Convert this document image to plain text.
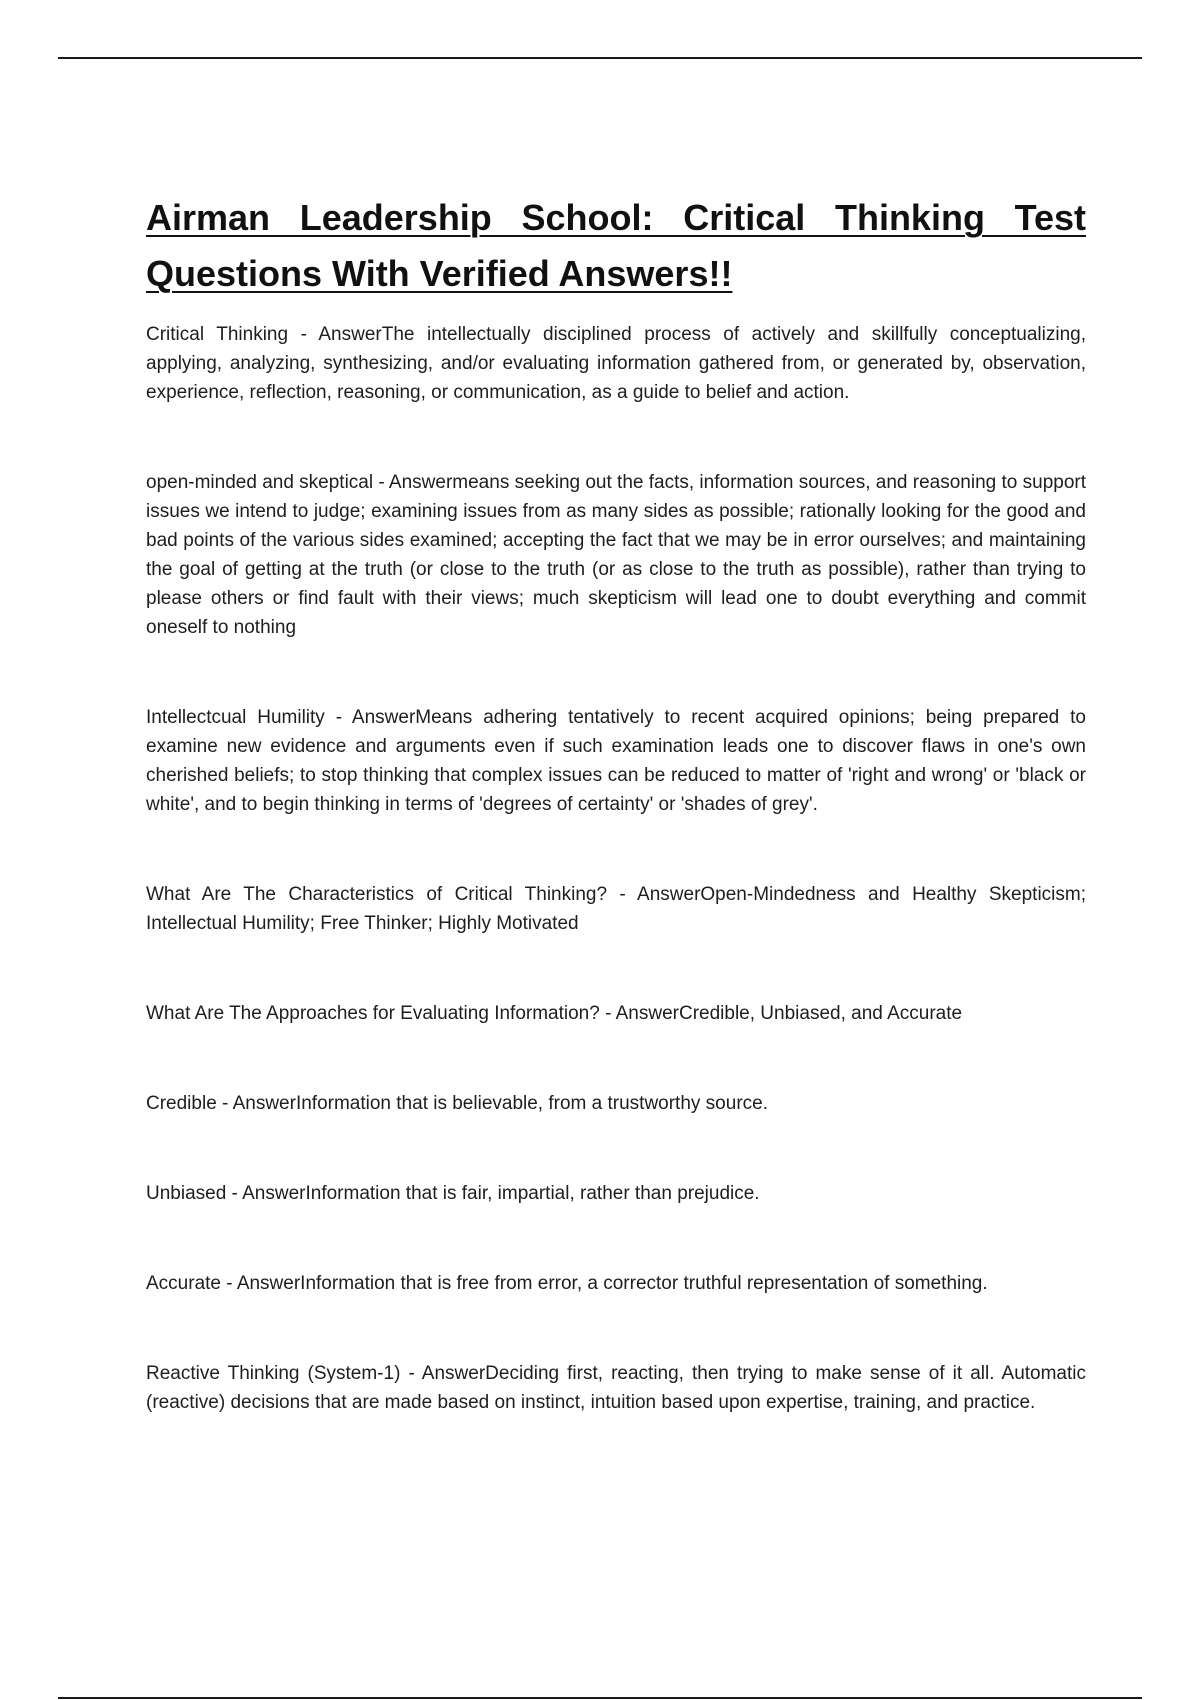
Airman Leadership School: Critical Thinking Test Questions With Verified Answers!!
Critical Thinking - AnswerThe intellectually disciplined process of actively and skillfully conceptualizing, applying, analyzing, synthesizing, and/or evaluating information gathered from, or generated by, observation, experience, reflection, reasoning, or communication, as a guide to belief and action.
open-minded and skeptical - Answermeans seeking out the facts, information sources, and reasoning to support issues we intend to judge; examining issues from as many sides as possible; rationally looking for the good and bad points of the various sides examined; accepting the fact that we may be in error ourselves; and maintaining the goal of getting at the truth (or close to the truth (or as close to the truth as possible), rather than trying to please others or find fault with their views; much skepticism will lead one to doubt everything and commit oneself to nothing
Intellectcual Humility - AnswerMeans adhering tentatively to recent acquired opinions; being prepared to examine new evidence and arguments even if such examination leads one to discover flaws in one's own cherished beliefs; to stop thinking that complex issues can be reduced to matter of 'right and wrong' or 'black or white', and to begin thinking in terms of 'degrees of certainty' or 'shades of grey'.
What Are The Characteristics of Critical Thinking? - AnswerOpen-Mindedness and Healthy Skepticism; Intellectual Humility; Free Thinker; Highly Motivated
What Are The Approaches for Evaluating Information? - AnswerCredible, Unbiased, and Accurate
Credible - AnswerInformation that is believable, from a trustworthy source.
Unbiased - AnswerInformation that is fair, impartial, rather than prejudice.
Accurate - AnswerInformation that is free from error, a corrector truthful representation of something.
Reactive Thinking (System-1) - AnswerDeciding first, reacting, then trying to make sense of it all. Automatic (reactive) decisions that are made based on instinct, intuition based upon expertise, training, and practice.
